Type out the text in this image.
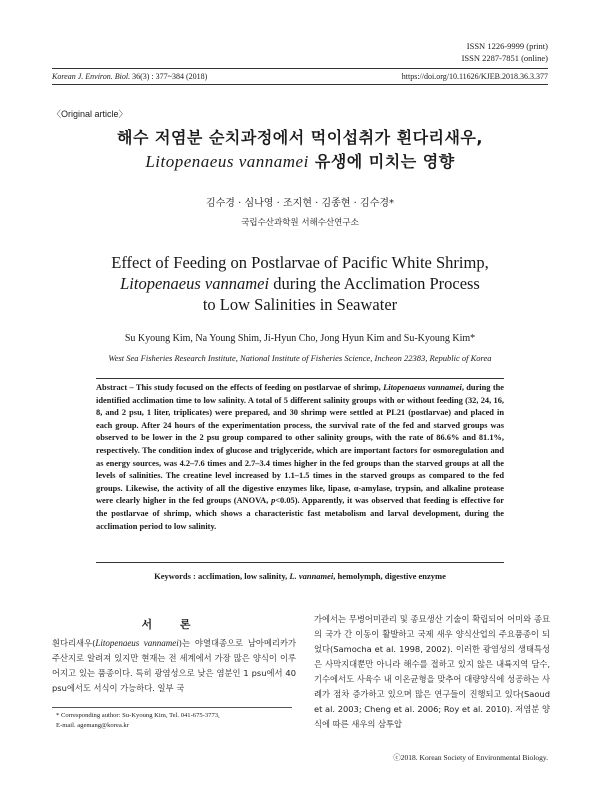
ISSN 1226-9999 (print)
ISSN 2287-7851 (online)
Korean J. Environ. Biol. 36(3) : 377~384 (2018)	https://doi.org/10.11626/KJEB.2018.36.3.377
〈Original article〉
해수 저염분 순치과정에서 먹이섭취가 흰다리새우,
Litopenaeus vannamei 유생에 미치는 영향
김수경 · 심나영 · 조지현 · 김종현 · 김수경*
국립수산과학원 서해수산연구소
Effect of Feeding on Postlarvae of Pacific White Shrimp,
Litopenaeus vannamei during the Acclimation Process
to Low Salinities in Seawater
Su Kyoung Kim, Na Young Shim, Ji-Hyun Cho, Jong Hyun Kim and Su-Kyoung Kim*
West Sea Fisheries Research Institute, National Institute of Fisheries Science, Incheon 22383, Republic of Korea

Abstract – This study focused on the effects of feeding on postlarvae of shrimp, Litopenaeus vannamei, during the identified acclimation time to low salinity. A total of 5 different salinity groups with or without feeding (32, 24, 16, 8, and 2 psu, 1 liter, triplicates) were prepared, and 30 shrimp were settled at PL21 (postlarvae) and placed in each group. After 24 hours of the experimentation process, the survival rate of the fed and starved groups was observed to be lower in the 2 psu group compared to other salinity groups, with the rate of 86.6% and 81.1%, respectively. The condition index of glucose and triglyceride, which are important factors for osmoregulation and as energy sources, was 4.2–7.6 times and 2.7–3.4 times higher in the fed groups than the starved groups at all the levels of salinities. The creatine level increased by 1.1–1.5 times in the starved groups as compared to the fed groups. Likewise, the activity of all the digestive enzymes like, lipase, α-amylase, trypsin, and alkaline protease were clearly higher in the fed groups (ANOVA, p<0.05). Apparently, it was observed that feeding is effective for the postlarvae of shrimp, which shows a characteristic fast metabolism and larval development, during the acclimation period to low salinity.

Keywords : acclimation, low salinity, L. vannamei, hemolymph, digestive enzyme
서 론
흰다리새우(Litopenaeus vannamei)는 야열대종으로 남아메리카가 주산지로 알려져 있지만 현재는 전 세계에서 가장 많은 양식이 이루어지고 있는 품종이다. 특히 광염성으로 낮은 염분인 1 psu에서 40 psu에서도 서식이 가능하다. 일부 국
가에서는 무병어미관리 및 종묘생산 기술이 확립되어 어미와 종묘의 국가 간 이동이 활발하고 국제 새우 양식산업의 주요품종이 되었다(Samocha et al. 1998, 2002). 이러한 광염성의 생태특성은 사막지대뿐만 아니라 해수를 접하고 있지 않은 내륙지역 담수, 기수에서도 사육수 내 이온균형을 맞추어 대량양식에 성공하는 사례가 점차 증가하고 있으며 많은 연구들이 진행되고 있다(Saoud et al. 2003; Cheng et al. 2006; Roy et al. 2010). 저염분 양식에 따른 새우의 삼투압
* Corresponding author: Su-Kyoung Kim, Tel. 041-675-3773,
E-mail. agemang@korea.kr
ⓒ2018. Korean Society of Environmental Biology.
